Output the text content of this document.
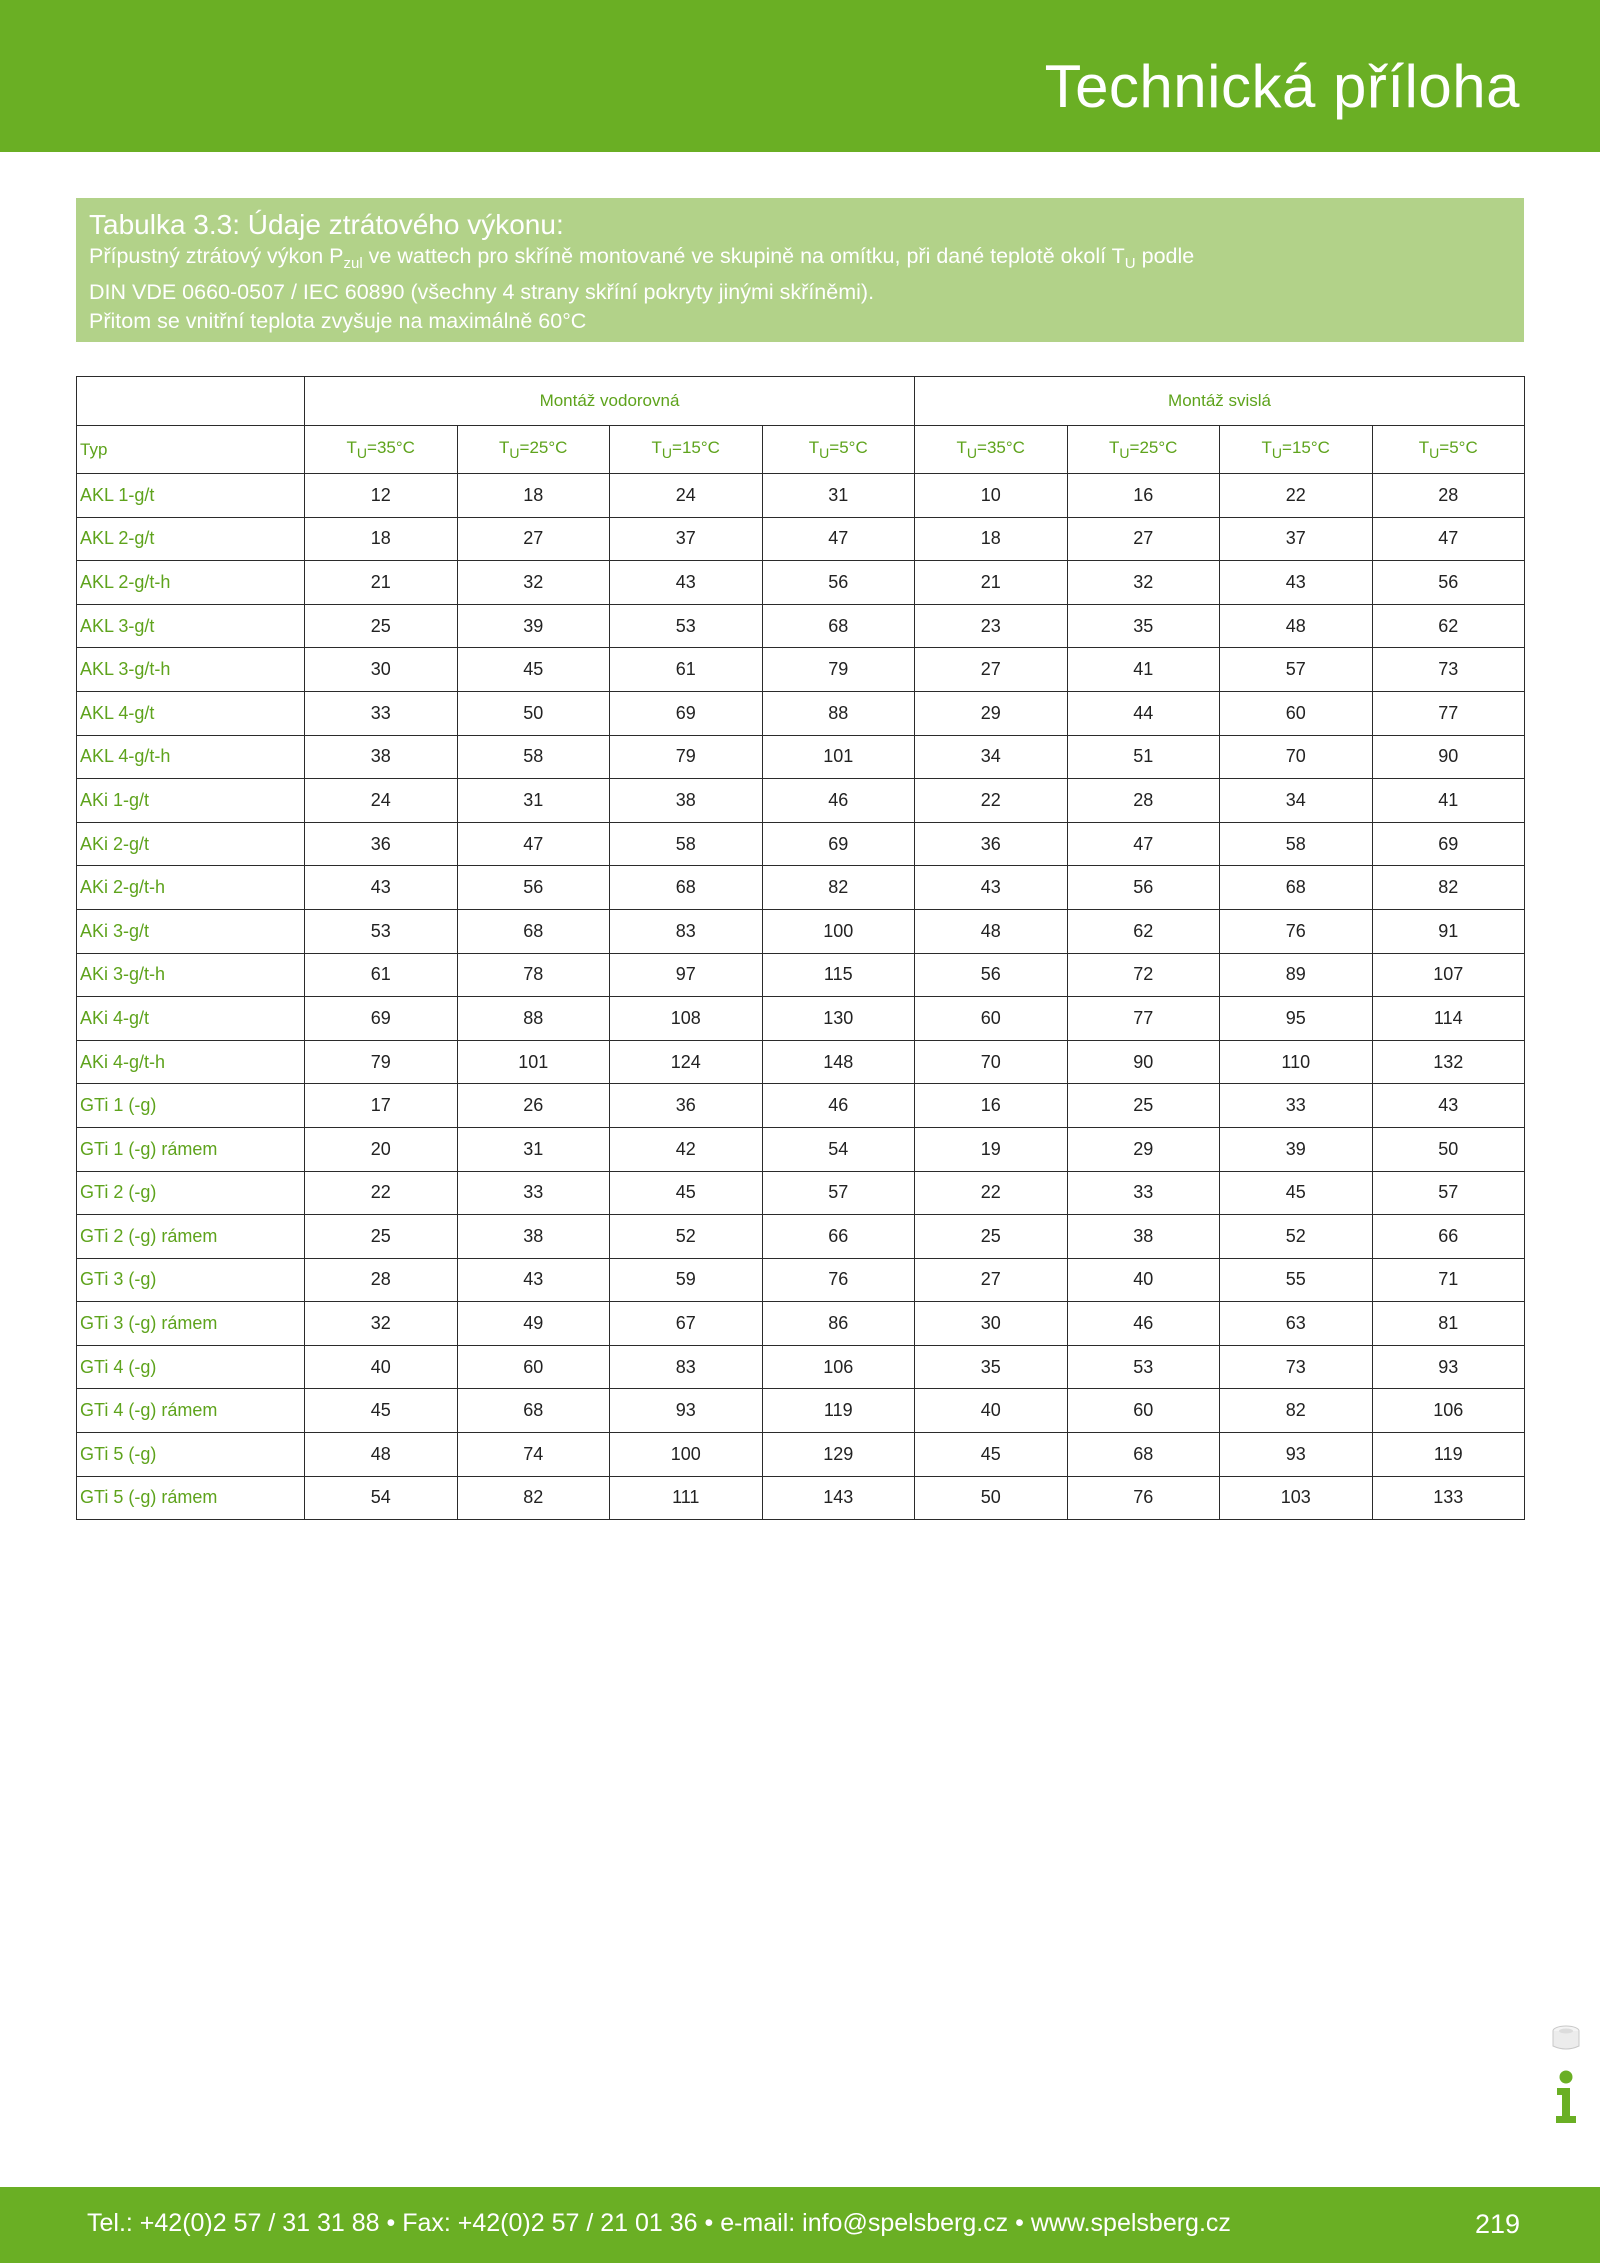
Technická příloha
Tabulka 3.3: Údaje ztrátového výkonu:
Přípustný ztrátový výkon $P_{zul}$ ve wattech pro skříně montované ve skupině na omítku, při dané teplotě okolí $T_U$ podle
DIN VDE 0660-0507 / IEC 60890 (všechny 4 strany skříní pokryty jinými skříněmi).
Přitom se vnitřní teplota zvyšuje na maximálně 60°C
	Montáž vodorovná				Montáž svislá			
Typ	$T_U=35^\circ C$	$T_U=25^\circ C$	$T_U=15^\circ C$	$T_U=5^\circ C$	$T_U=35^\circ C$	$T_U=25^\circ C$	$T_U=15^\circ C$	$T_U=5^\circ C$
AKL 1-g/t	12	18	24	31	10	16	22	28
AKL 2-g/t	18	27	37	47	18	27	37	47
AKL 2-g/t-h	21	32	43	56	21	32	43	56
AKL 3-g/t	25	39	53	68	23	35	48	62
AKL 3-g/t-h	30	45	61	79	27	41	57	73
AKL 4-g/t	33	50	69	88	29	44	60	77
AKL 4-g/t-h	38	58	79	101	34	51	70	90
AKi 1-g/t	24	31	38	46	22	28	34	41
AKi 2-g/t	36	47	58	69	36	47	58	69
AKi 2-g/t-h	43	56	68	82	43	56	68	82
AKi 3-g/t	53	68	83	100	48	62	76	91
AKi 3-g/t-h	61	78	97	115	56	72	89	107
AKi 4-g/t	69	88	108	130	60	77	95	114
AKi 4-g/t-h	79	101	124	148	70	90	110	132
GTi 1 (-g)	17	26	36	46	16	25	33	43
GTi 1 (-g) rámem	20	31	42	54	19	29	39	50
GTi 2 (-g)	22	33	45	57	22	33	45	57
GTi 2 (-g) rámem	25	38	52	66	25	38	52	66
GTi 3 (-g)	28	43	59	76	27	40	55	71
GTi 3 (-g) rámem	32	49	67	86	30	46	63	81
GTi 4 (-g)	40	60	83	106	35	53	73	93
GTi 4 (-g) rámem	45	68	93	119	40	60	82	106
GTi 5 (-g)	48	74	100	129	45	68	93	119
GTi 5 (-g) rámem	54	82	111	143	50	76	103	133
Tel.: +42(0)2 57 / 31 31 88 • Fax: +42(0)2 57 / 21 01 36 • e-mail: info@spelsberg.cz • www.spelsberg.cz	219
